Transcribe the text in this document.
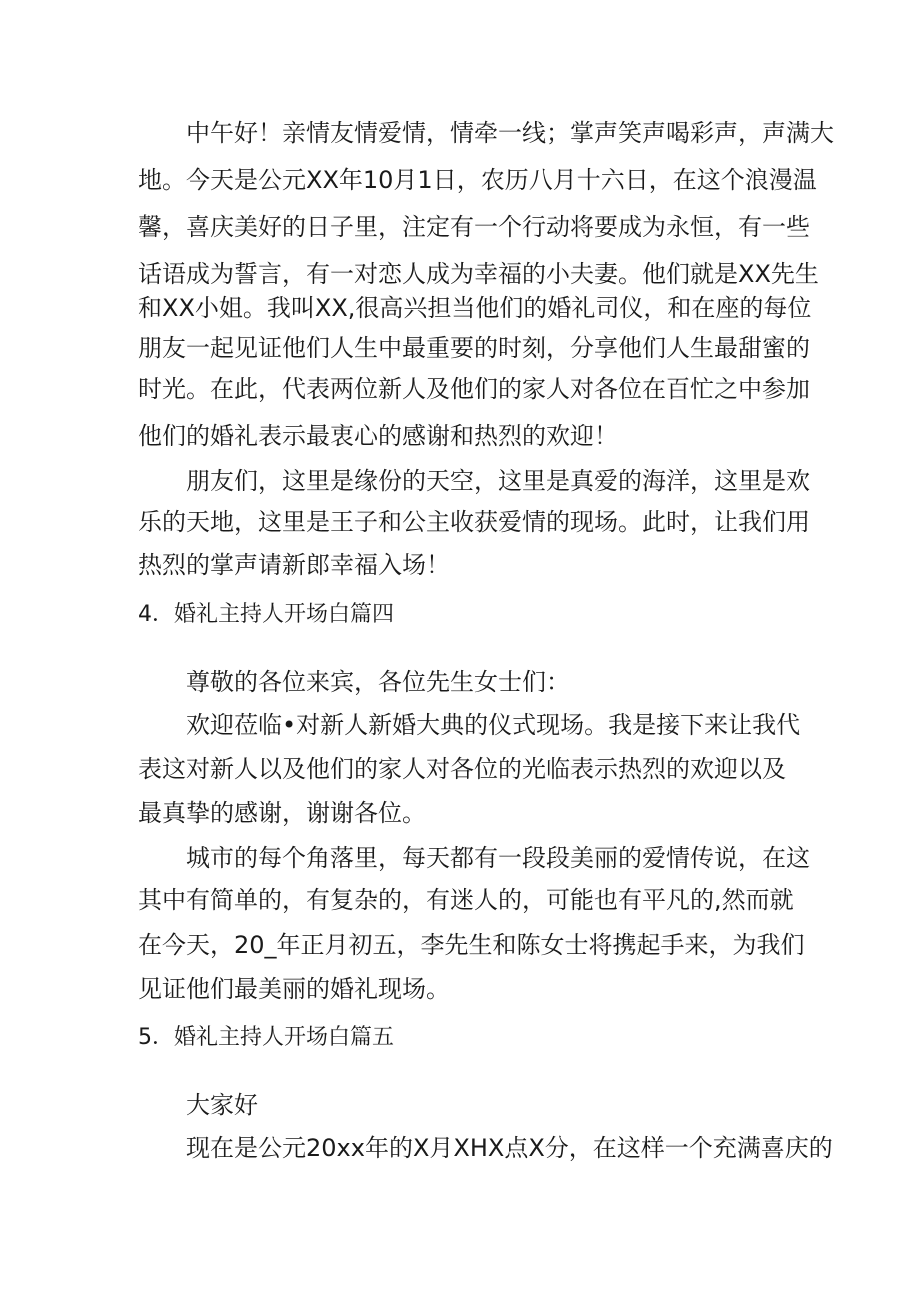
中午好！亲情友情爱情，情牵一线；掌声笑声喝彩声，声满大
地。今天是公元XX年10月1日，农历八月十六日，在这个浪漫温
馨，喜庆美好的日子里，注定有一个行动将要成为永恒，有一些
话语成为誓言，有一对恋人成为幸福的小夫妻。他们就是XX先生
和XX小姐。我叫XX,很高兴担当他们的婚礼司仪，和在座的每位
朋友一起见证他们人生中最重要的时刻，分享他们人生最甜蜜的
时光。在此，代表两位新人及他们的家人对各位在百忙之中参加
他们的婚礼表示最衷心的感谢和热烈的欢迎！
朋友们，这里是缘份的天空，这里是真爱的海洋，这里是欢
乐的天地，这里是王子和公主收获爱情的现场。此时，让我们用
热烈的掌声请新郎幸福入场！
4．婚礼主持人开场白篇四
尊敬的各位来宾，各位先生女士们：
欢迎莅临•对新人新婚大典的仪式现场。我是接下来让我代
表这对新人以及他们的家人对各位的光临表示热烈的欢迎以及
最真挚的感谢，谢谢各位。
城市的每个角落里，每天都有一段段美丽的爱情传说，在这
其中有简单的，有复杂的，有迷人的，可能也有平凡的,然而就
在今天，20_年正月初五，李先生和陈女士将携起手来，为我们
见证他们最美丽的婚礼现场。
5．婚礼主持人开场白篇五
大家好
现在是公元20xx年的X月XHX点X分，在这样一个充满喜庆的
